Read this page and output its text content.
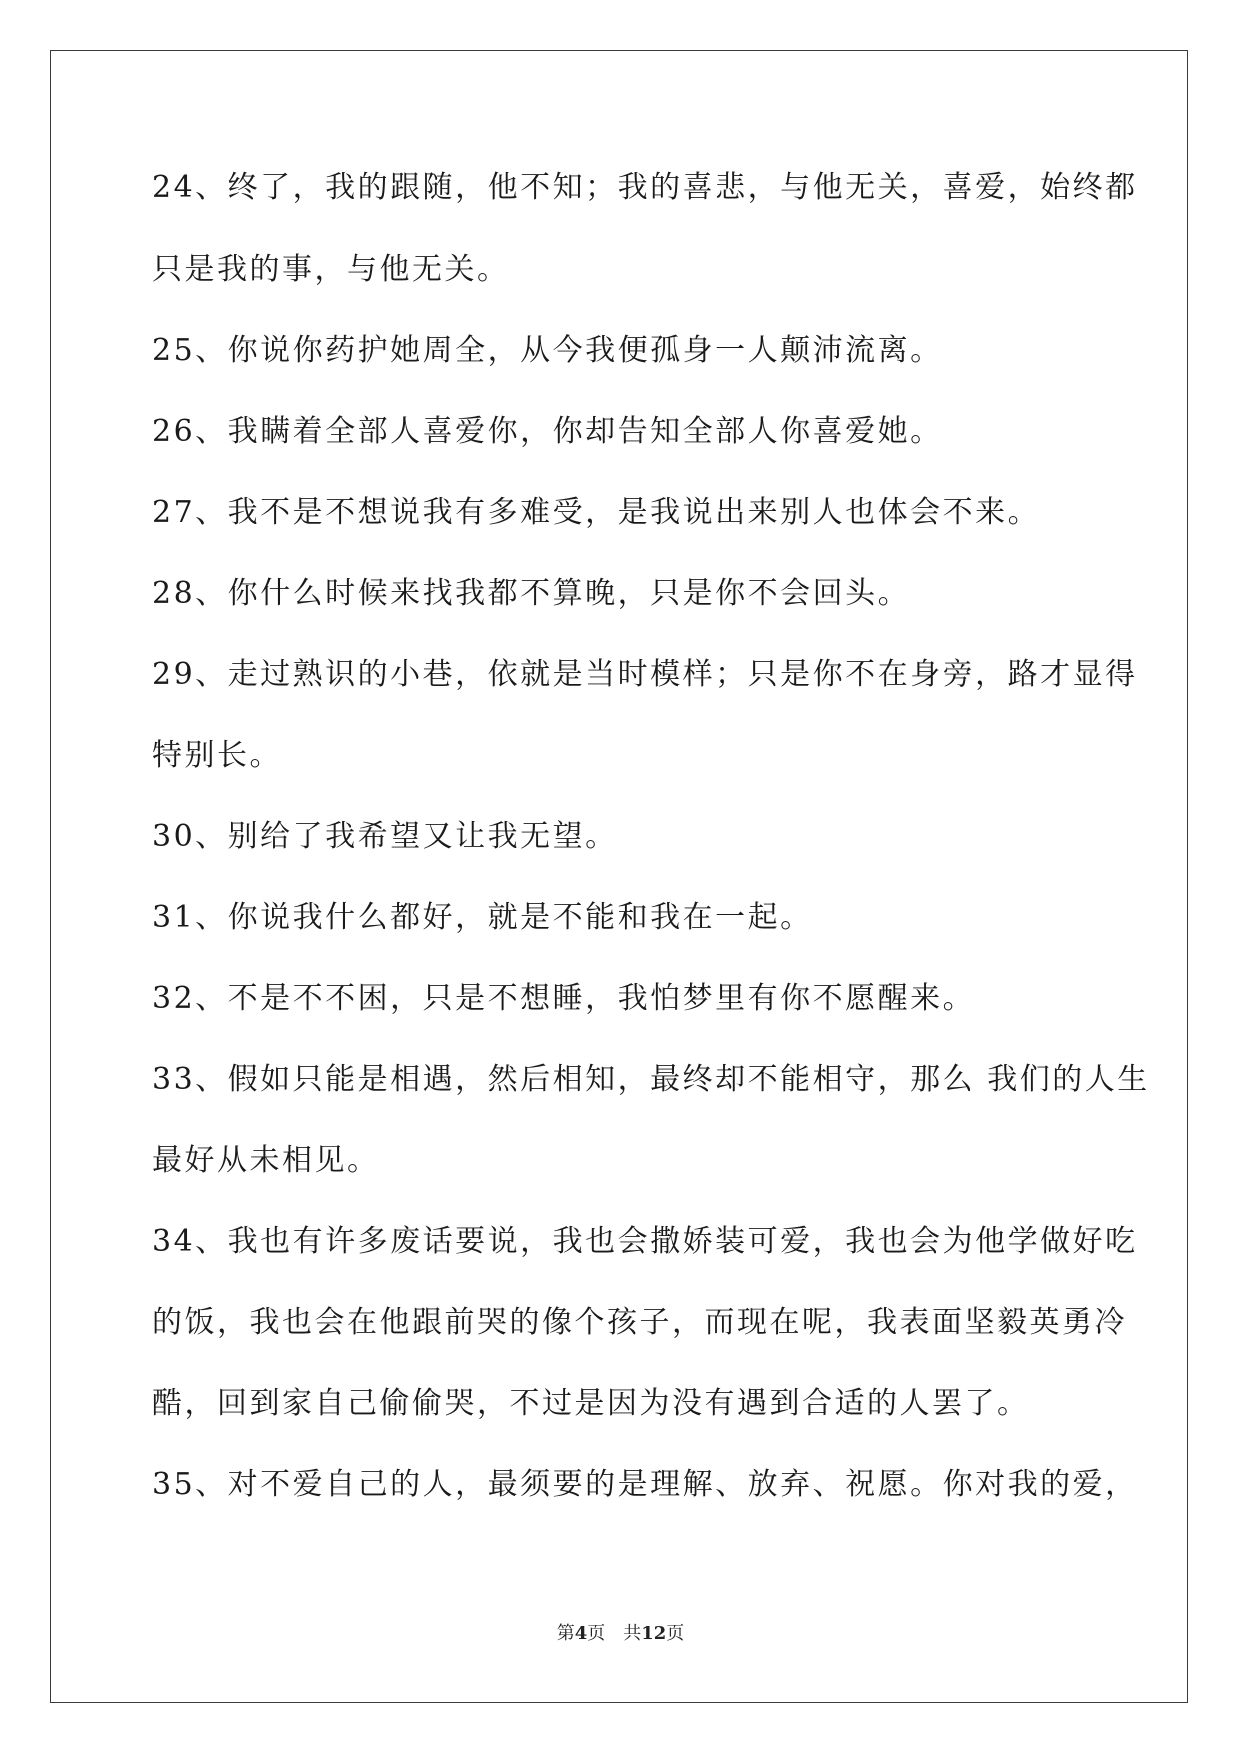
24、终了，我的跟随，他不知；我的喜悲，与他无关，喜爱，始终都

只是我的事，与他无关。

25、你说你药护她周全，从今我便孤身一人颠沛流离。

26、我瞒着全部人喜爱你，你却告知全部人你喜爱她。

27、我不是不想说我有多难受，是我说出来别人也体会不来。

28、你什么时候来找我都不算晚，只是你不会回头。

29、走过熟识的小巷，依就是当时模样；只是你不在身旁，路才显得

特别长。

30、别给了我希望又让我无望。

31、你说我什么都好，就是不能和我在一起。

32、不是不不困，只是不想睡，我怕梦里有你不愿醒来。

33、假如只能是相遇，然后相知，最终却不能相守，那么 我们的人生

最好从未相见。

34、我也有许多废话要说，我也会撒娇装可爱，我也会为他学做好吃

的饭，我也会在他跟前哭的像个孩子，而现在呢，我表面坚毅英勇冷

酷，回到家自己偷偷哭，不过是因为没有遇到合适的人罢了。

35、对不爱自己的人，最须要的是理解、放弃、祝愿。你对我的爱，

第4页 共12页
